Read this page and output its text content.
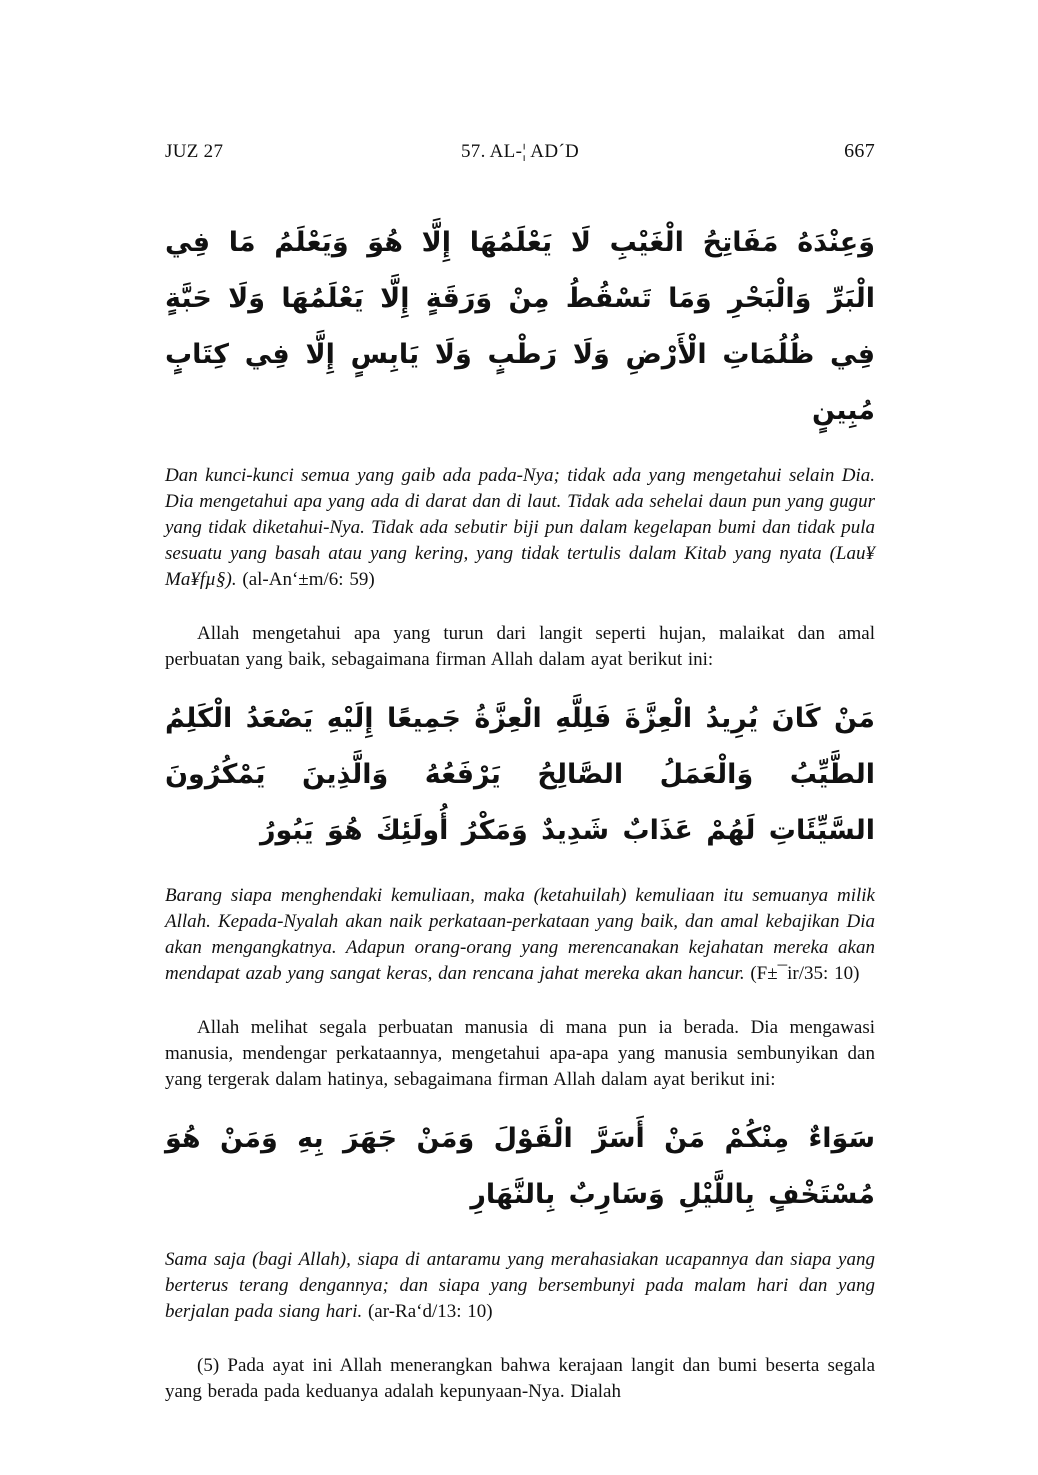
JUZ 27	57. AL-¦ AD´D	667

وَعِنْدَهُ مَفَاتِحُ الْغَيْبِ لَا يَعْلَمُهَا إِلَّا هُوَ وَيَعْلَمُ مَا فِي الْبَرِّ وَالْبَحْرِ وَمَا تَسْقُطُ مِنْ وَرَقَةٍ إِلَّا يَعْلَمُهَا وَلَا حَبَّةٍ فِي ظُلُمَاتِ الْأَرْضِ وَلَا رَطْبٍ وَلَا يَابِسٍ إِلَّا فِي كِتَابٍ مُبِينٍ

Dan kunci-kunci semua yang gaib ada pada-Nya; tidak ada yang mengetahui selain Dia. Dia mengetahui apa yang ada di darat dan di laut. Tidak ada sehelai daun pun yang gugur yang tidak diketahui-Nya. Tidak ada sebutir biji pun dalam kegelapan bumi dan tidak pula sesuatu yang basah atau yang kering, yang tidak tertulis dalam Kitab yang nyata (Lau¥ Ma¥fµ§). (al-An‘±m/6: 59)

Allah mengetahui apa yang turun dari langit seperti hujan, malaikat dan amal perbuatan yang baik, sebagaimana firman Allah dalam ayat berikut ini:

مَنْ كَانَ يُرِيدُ الْعِزَّةَ فَلِلَّهِ الْعِزَّةُ جَمِيعًا إِلَيْهِ يَصْعَدُ الْكَلِمُ الطَّيِّبُ وَالْعَمَلُ الصَّالِحُ يَرْفَعُهُ وَالَّذِينَ يَمْكُرُونَ السَّيِّئَاتِ لَهُمْ عَذَابٌ شَدِيدٌ وَمَكْرُ أُولَئِكَ هُوَ يَبُورُ

Barang siapa menghendaki kemuliaan, maka (ketahuilah) kemuliaan itu semuanya milik Allah. Kepada-Nyalah akan naik perkataan-perkataan yang baik, dan amal kebajikan Dia akan mengangkatnya. Adapun orang-orang yang merencanakan kejahatan mereka akan mendapat azab yang sangat keras, dan rencana jahat mereka akan hancur. (F±¯ir/35: 10)

Allah melihat segala perbuatan manusia di mana pun ia berada. Dia mengawasi manusia, mendengar perkataannya, mengetahui apa-apa yang manusia sembunyikan dan yang tergerak dalam hatinya, sebagaimana firman Allah dalam ayat berikut ini:

سَوَاءٌ مِنْكُمْ مَنْ أَسَرَّ الْقَوْلَ وَمَنْ جَهَرَ بِهِ وَمَنْ هُوَ مُسْتَخْفٍ بِاللَّيْلِ وَسَارِبٌ بِالنَّهَارِ

Sama saja (bagi Allah), siapa di antaramu yang merahasiakan ucapannya dan siapa yang berterus terang dengannya; dan siapa yang bersembunyi pada malam hari dan yang berjalan pada siang hari. (ar-Ra‘d/13: 10)

(5) Pada ayat ini Allah menerangkan bahwa kerajaan langit dan bumi beserta segala yang berada pada keduanya adalah kepunyaan-Nya. Dialah
